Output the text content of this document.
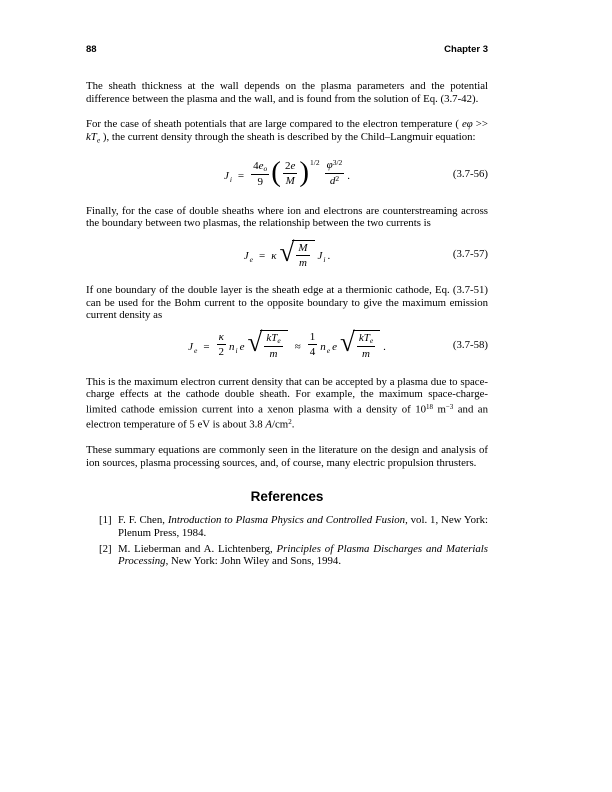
88	Chapter 3

The sheath thickness at the wall depends on the plasma parameters and the potential difference between the plasma and the wall, and is found from the solution of Eq. (3.7-42).

For the case of sheath potentials that are large compared to the electron temperature ( $e\varphi >> kT_e$ ), the current density through the sheath is described by the Child–Langmuir equation:

J $i = \frac{4e_o}{9}$ ( $\frac{2e}{M}$ ) $1/2 \frac{\varphi^{3/2}}{d^2}$ .	(3.7-56)

Finally, for the case of double sheaths where ion and electrons are counterstreaming across the boundary between two plasmas, the relationship between the two currents is

J e = κ √ $\frac{M}{m}$ J i .	(3.7-57)

If one boundary of the double layer is the sheath edge at a thermionic cathode, Eq. (3.7-51) can be used for the Bohm current to the opposite boundary to give the maximum emission current density as

J $e = \frac{\kappa}{2}$ n i e √ $\frac{kT_e}{m} \approx \frac{1}{4}$ n e e √ $\frac{kT_e}{m}$ .	(3.7-58)

This is the maximum electron current density that can be accepted by a plasma due to space-charge effects at the cathode double sheath. For example, the maximum space-charge-limited cathode emission current into a xenon plasma with a density of $10^{18}$ $m^{-3}$ and an electron temperature of 5 eV is about 3.8 $A/cm^2$.

These summary equations are commonly seen in the literature on the design and analysis of ion sources, plasma processing sources, and, of course, many electric propulsion thrusters.

References
[1] F. F. Chen, Introduction to Plasma Physics and Controlled Fusion, vol. 1, New York: Plenum Press, 1984.
[2] M. Lieberman and A. Lichtenberg, Principles of Plasma Discharges and Materials Processing, New York: John Wiley and Sons, 1994.
